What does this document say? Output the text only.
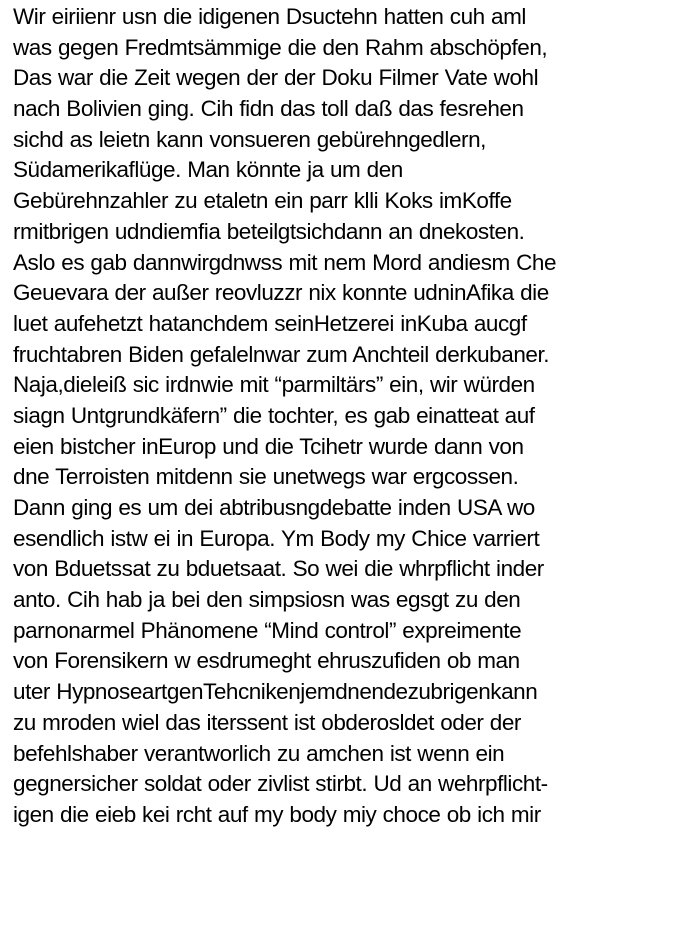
Wir eiriienr usn die idigenen Dsuctehn hatten cuh aml
was gegen Fredmtsämmige die den Rahm abschöpfen,
Das war die Zeit wegen der der Doku Filmer Vate wohl
nach Bolivien ging. Cih fidn das toll daß das fesrehen
sichd as leietn kann vonsueren gebürehngedlern,
Südamerikaflüge. Man könnte ja um den
Gebürehnzahler zu etaletn ein parr klli Koks imKoffe
rmitbrigen udndiemfia beteilgtsichdann an dnekosten.
Aslo es gab dannwirgdnwss mit nem Mord andiesm Che
Geuevara der außer reovluzzr nix konnte udninAfika die
luet aufehetzt hatanchdem seinHetzerei inKuba aucgf
fruchtabren Biden gefalelnwar zum Anchteil derkubaner.
Naja,dieleiß sic irdnwie mit “parmiltärs” ein, wir würden
siagn Untgrundkäfern” die tochter, es gab einatteat auf
eien bistcher inEurop und die Tcihetr wurde dann von
dne Terroisten mitdenn sie unetwegs war ergcossen.
Dann ging es um dei abtribusngdebatte inden USA wo
esendlich istw ei in Europa. Ym Body my Chice varriert
von Bduetssat zu bduetsaat. So wei die whrpflicht inder
anto. Cih hab ja bei den simpsiosn was egsgt zu den
parnonarmel Phänomene “Mind control” expreimente
von Forensikern w esdrumeght ehruszufiden ob man
uter HypnoseartgenTehcnikenjemdnendezubrigenkann
zu mroden wiel das iterssent ist obderosldet oder der
befehlshaber verantworlich zu amchen ist wenn ein
gegnersicher soldat oder zivlist stirbt. Ud an wehrpflicht-
igen die eieb kei rcht auf my body miy choce ob ich mir
